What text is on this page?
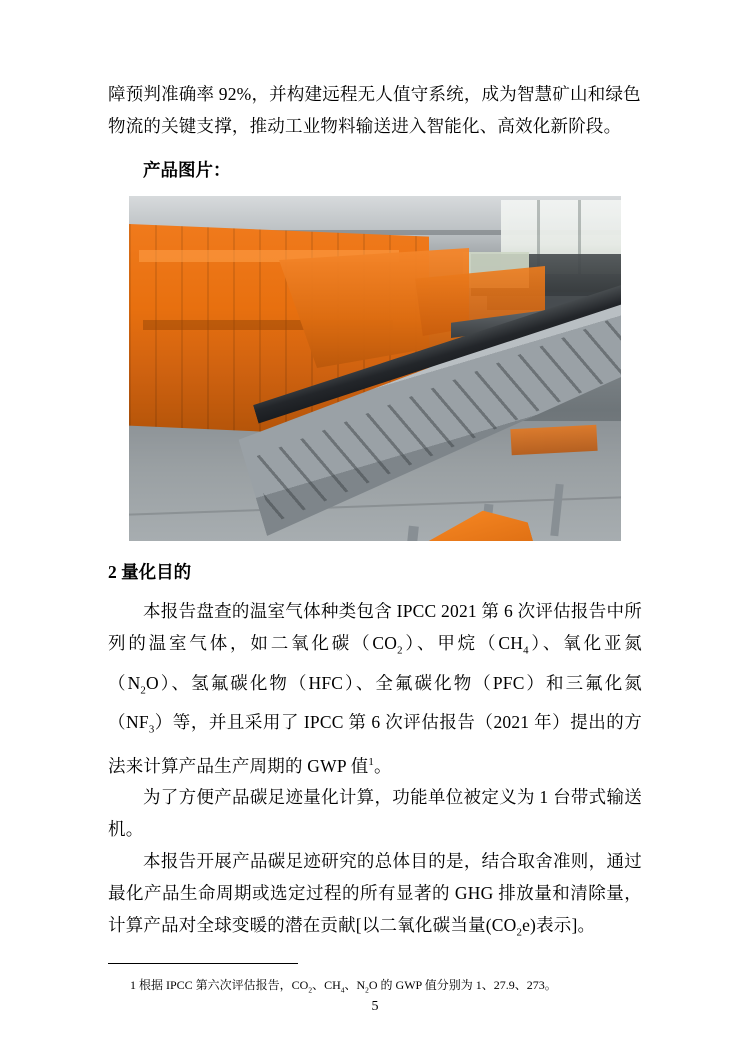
障预判准确率 92%，并构建远程无人值守系统，成为智慧矿山和绿色
物流的关键支撑，推动工业物料输送进入智能化、高效化新阶段。

产品图片：

2 量化目的

本报告盘查的温室气体种类包含 IPCC 2021 第 6 次评估报告中所列的温室气体，如二氧化碳$(CO_2)$、甲烷$(CH_4)$、氧化亚氮$(N_2O)$、氢氟碳化物（HFC）、全氟碳化物（PFC）和三氟化氮$(NF_3)$等，并且采用了 IPCC 第 6 次评估报告（2021 年）提出的方法来计算产品生产周期的 GWP 值$^1$。

为了方便产品碳足迹量化计算，功能单位被定义为 1 台带式输送机。

本报告开展产品碳足迹研究的总体目的是，结合取舍准则，通过最化产品生命周期或选定过程的所有显著的 GHG 排放量和清除量，计算产品对全球变暖的潜在贡献[以二氧化碳当量$(CO_2e)$表示]。

1 根据 IPCC 第六次评估报告，$CO_2$、$CH_4$、$N_2O$ 的 GWP 值分别为 1、27.9、273。

5
